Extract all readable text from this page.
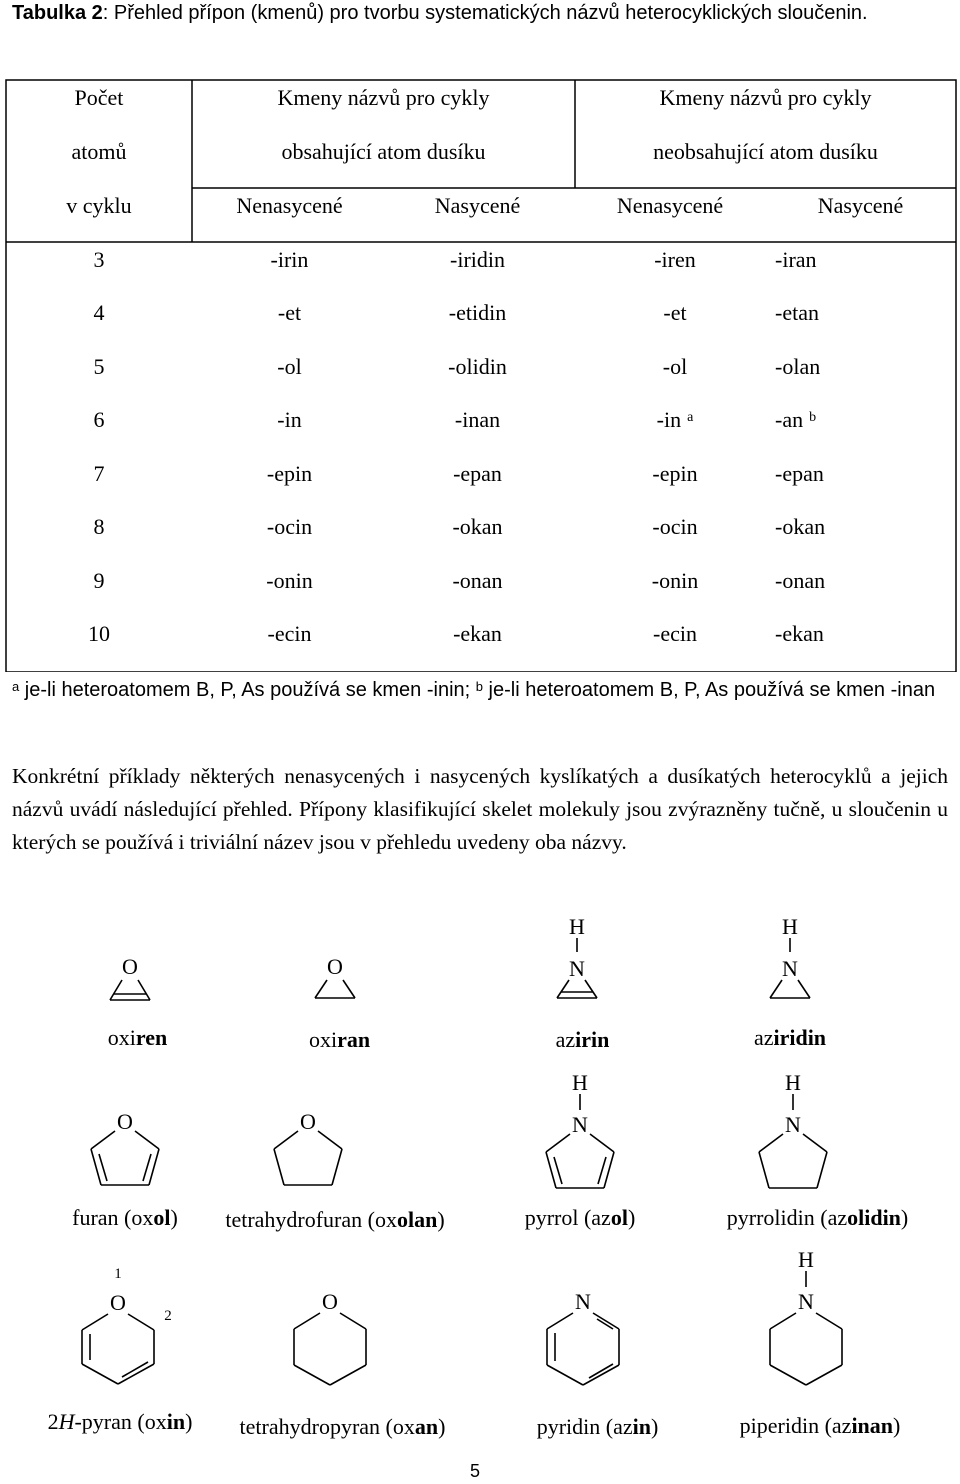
Tabulka 2: Přehled přípon (kmenů) pro tvorbu systematických názvů heterocyklických sloučenin.
Počet
atomů
v cyklu
Kmeny názvů pro cykly
obsahující atom dusíku
Kmeny názvů pro cykly
neobsahující atom dusíku
Nenasycené	Nasycené	Nenasycené	Nasycené
3	-irin	-iridin	-iren	-iran
4	-et	-etidin	-et	-etan
5	-ol	-olidin	-ol	-olan
6	-in	-inan	-in $^a$	-an $^b$
7	-epin	-epan	-epin	-epan
8	-ocin	-okan	-ocin	-okan
9	-onin	-onan	-onin	-onan
10	-ecin	-ekan	-ecin	-ekan
$^a$ je-li heteroatomem B, P, As používá se kmen -inin; $^b$ je-li heteroatomem B, P, As používá se kmen -inan
Konkrétní příklady některých nenasycených i nasycených kyslíkatých a dusíkatých heterocyklů a jejich názvů uvádí následující přehled. Přípony klasifikující skelet molekuly jsou zvýrazněny tučně, u sloučenin u kterých se používá i triviální název jsou v přehledu uvedeny oba názvy.
O
oxiren
O
oxiran
H
N
azirin
H
N
aziridin
O
furan (oxol)
O
tetrahydrofuran (oxolan)
H
N
pyrrol (azol)
H
N
pyrrolidin (azolidin)
1
O
2
2H-pyran (oxin)
O
tetrahydropyran (oxan)
N
pyridin (azin)
H
N
piperidin (azinan)
5
